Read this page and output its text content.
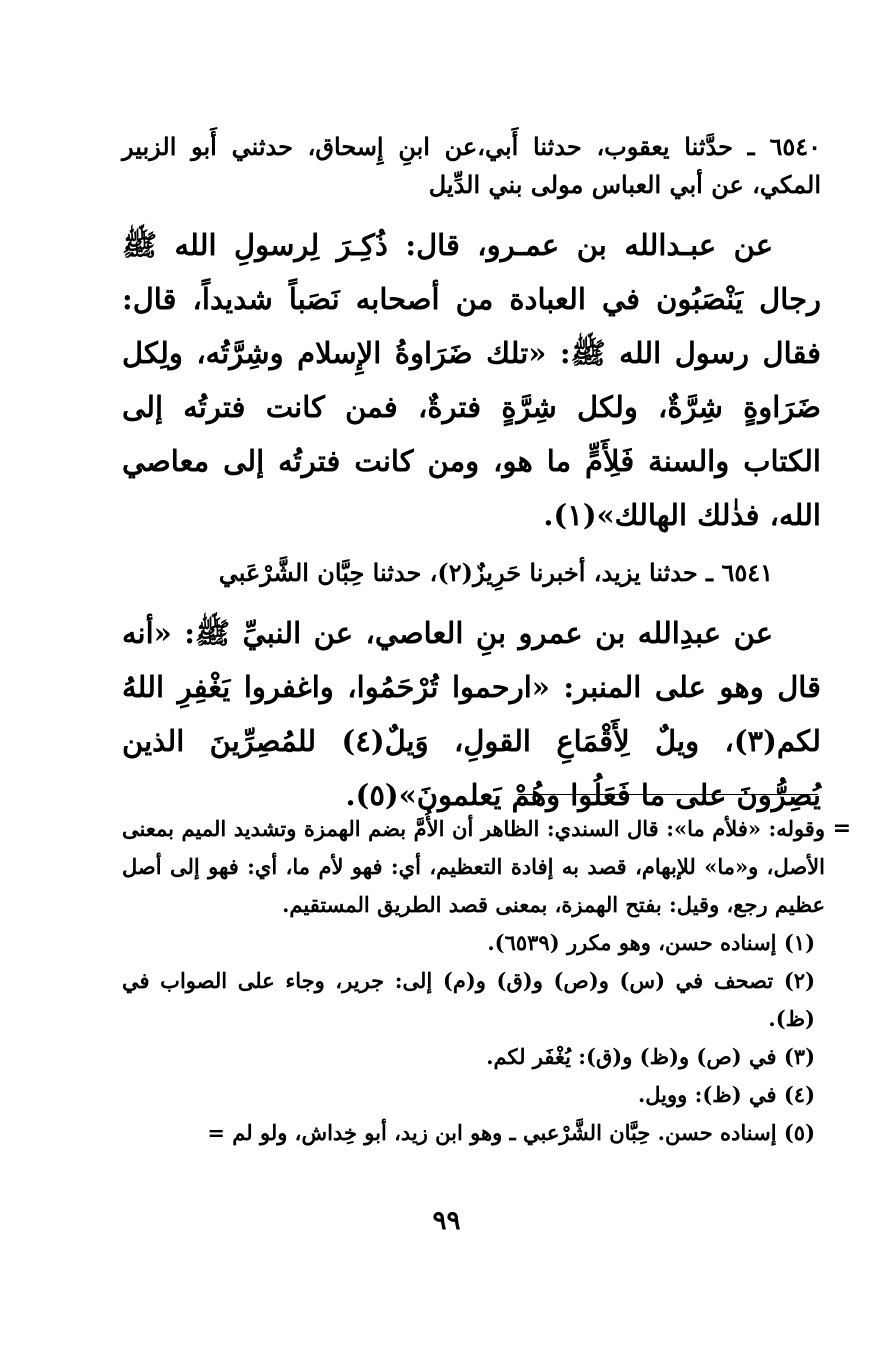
٦٥٤٠ ـ حدَّثنا يعقوب، حدثنا أَبي،عن ابنِ إِسحاق، حدثني أَبو الزبير المكي، عن أبي العباس مولى بني الدِّيل

عن عبـدالله بن عمـرو، قال: ذُكِـرَ لِرسولِ الله ﷺ رجال يَنْصَبُون في العبادة من أصحابه نَصَباً شديداً، قال: فقال رسول الله ﷺ: «تلك ضَرَاوةُ الإِسلام وشِرَّتُه، ولِكل ضَرَاوةٍ شِرَّةٌ، ولكل شِرَّةٍ فترةٌ، فمن كانت فترتُه إلى الكتاب والسنة فَلِأَمٍّ ما هو، ومن كانت فترتُه إلى معاصي الله، فذٰلك الهالك»(١).

٦٥٤١ ـ حدثنا يزيد، أخبرنا حَرِيزٌ(٢)، حدثنا حِبَّان الشَّرْعَبي

عن عبدِالله بن عمرو بنِ العاصي، عن النبيِّ ﷺ: «أنه قال وهو على المنبر: «ارحموا تُرْحَمُوا، واغفروا يَغْفِرِ اللهُ لكم(٣)، ويلٌ لِأَقْمَاعِ القولِ، وَيلٌ(٤) للمُصِرِّينَ الذين يُصِرُّونَ على ما فَعَلُوا وهُمْ يَعلمونَ»(٥).

=

وقوله: «فلأم ما»: قال السندي: الظاهر أن الأُمَّ بضم الهمزة وتشديد الميم بمعنى الأصل، و«ما» للإبهام، قصد به إفادة التعظيم، أي: فهو لأم ما، أي: فهو إلى أصل عظيم رجع، وقيل: بفتح الهمزة، بمعنى قصد الطريق المستقيم.

(١) إسناده حسن، وهو مكرر (٦٥٣٩).

(٢) تصحف في (س) و(ص) و(ق) و(م) إلى: جرير، وجاء على الصواب في (ظ).

(٣) في (ص) و(ظ) و(ق): يُغْفَر لكم.

(٤) في (ظ): وويل.

(٥) إسناده حسن. حِبَّان الشَّرْعبي ـ وهو ابن زيد، أبو خِداش، ولو لم =

٩٩
